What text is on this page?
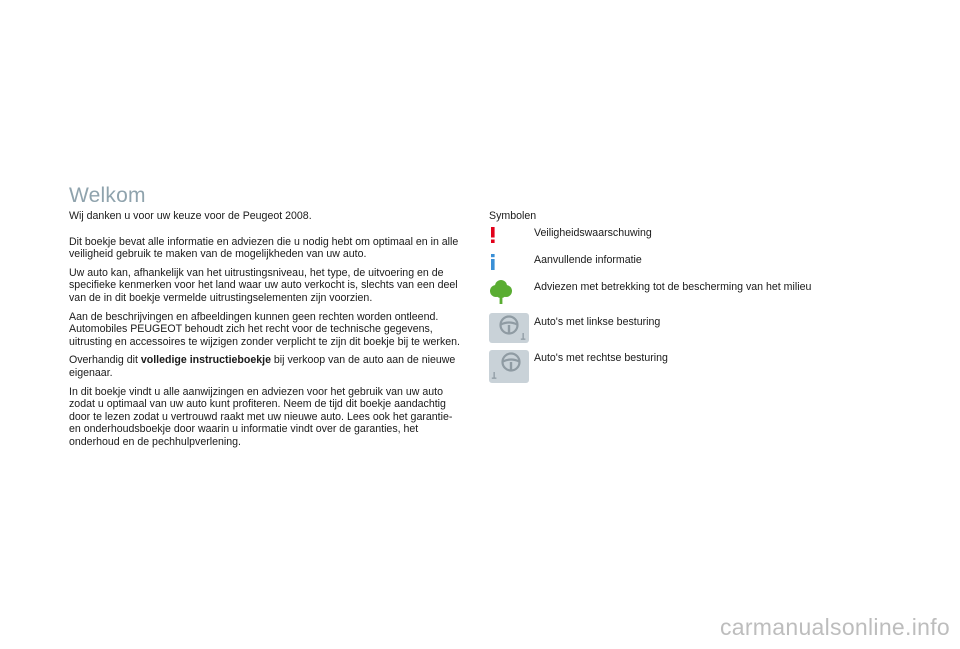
Welkom

Wij danken u voor uw keuze voor de Peugeot 2008.

Dit boekje bevat alle informatie en adviezen die u nodig hebt om optimaal en in alle veiligheid gebruik te maken van de mogelijkheden van uw auto.

Uw auto kan, afhankelijk van het uitrustingsniveau, het type, de uitvoering en de specifieke kenmerken voor het land waar uw auto verkocht is, slechts van een deel van de in dit boekje vermelde uitrustingselementen zijn voorzien.

Aan de beschrijvingen en afbeeldingen kunnen geen rechten worden ontleend.

Automobiles PEUGEOT behoudt zich het recht voor de technische gegevens, uitrusting en accessoires te wijzigen zonder verplicht te zijn dit boekje bij te werken.

Overhandig dit volledige instructieboekje bij verkoop van de auto aan de nieuwe eigenaar.

In dit boekje vindt u alle aanwijzingen en adviezen voor het gebruik van uw auto zodat u optimaal van uw auto kunt profiteren. Neem de tijd dit boekje aandachtig door te lezen zodat u vertrouwd raakt met uw nieuwe auto. Lees ook het garantie- en onderhoudsboekje door waarin u informatie vindt over de garanties, het onderhoud en de pechhulpverlening.

Symbolen
Veiligheidswaarschuwing
Aanvullende informatie
Adviezen met betrekking tot de bescherming van het milieu
Auto's met linkse besturing
Auto's met rechtse besturing
carmanualsonline.info
